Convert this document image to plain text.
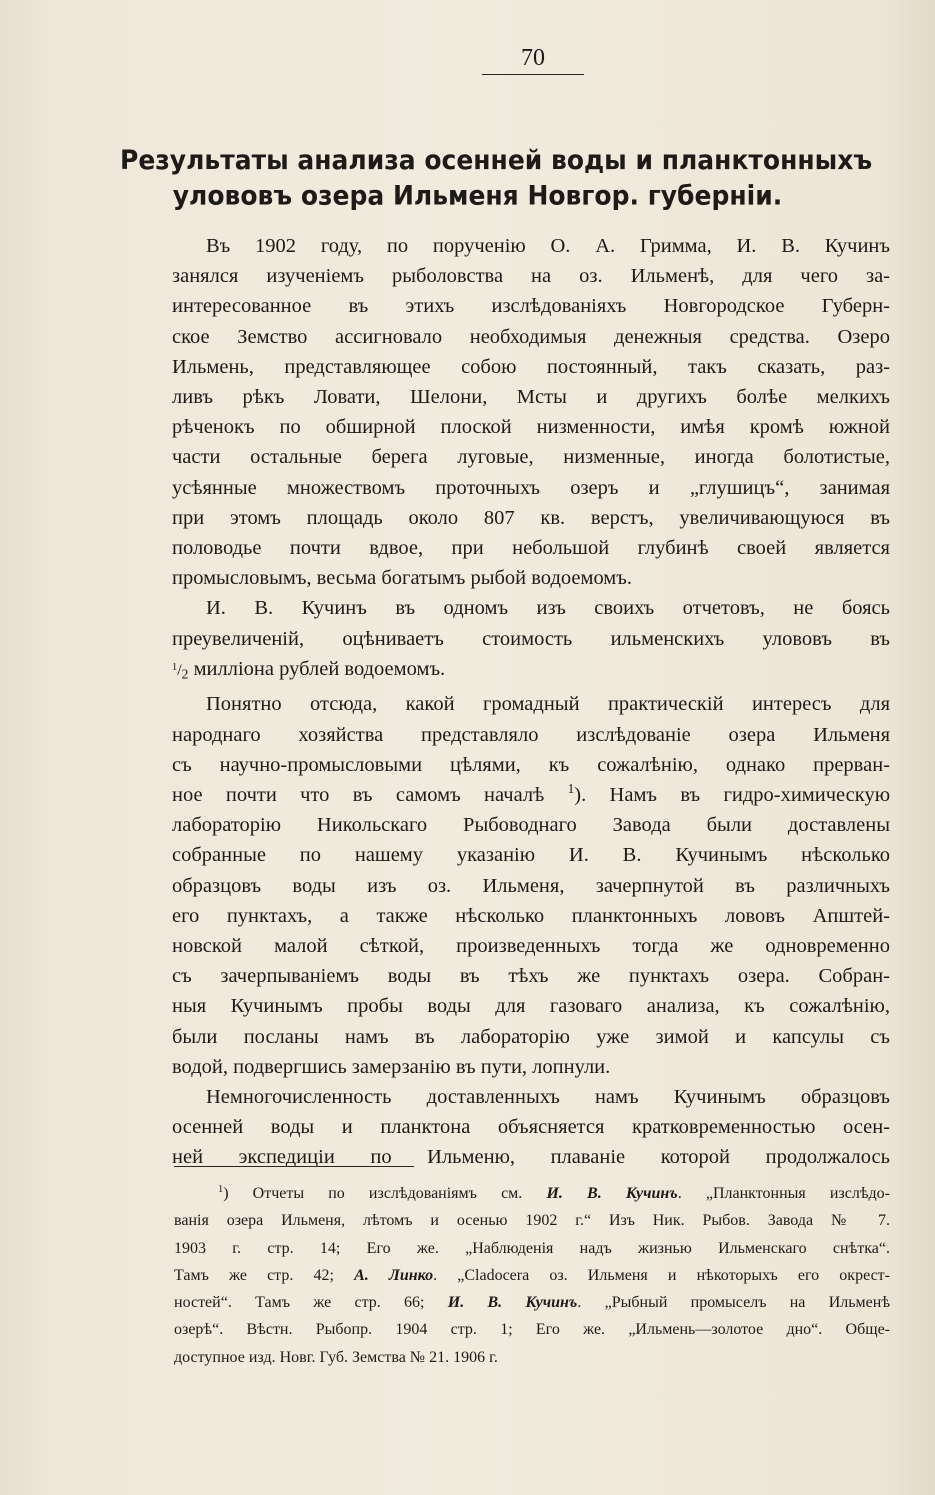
70
Результаты анализа осенней воды и планктонныхъ
улововъ озера Ильменя Новгор. губерніи.
Въ 1902 году, по порученію О. А. Гримма, И. В. Кучинъ
занялся изученіемъ рыболовства на оз. Ильменѣ, для чего за-
интересованное въ этихъ изслѣдованіяхъ Новгородское Губерн-
ское Земство ассигновало необходимыя денежныя средства. Озеро
Ильмень, представляющее собою постоянный, такъ сказать, раз-
ливъ рѣкъ Ловати, Шелони, Мсты и другихъ болѣе мелкихъ
рѣченокъ по обширной плоской низменности, имѣя кромѣ южной
части остальные берега луговые, низменные, иногда болотистые,
усѣянные множествомъ проточныхъ озеръ и „глушицъ“, занимая
при этомъ площадь около 807 кв. верстъ, увеличивающуюся въ
половодье почти вдвое, при небольшой глубинѣ своей является
промысловымъ, весьма богатымъ рыбой водоемомъ.
И. В. Кучинъ въ одномъ изъ своихъ отчетовъ, не боясь
преувеличеній, оцѣниваетъ стоимость ильменскихъ улововъ въ
$^1/_2$ миллiона рублей водоемомъ.
Понятно отсюда, какой громадный практическій интересъ для
народнаго хозяйства представляло изслѣдованіе озера Ильменя
съ научно-промысловыми цѣлями, къ сожалѣнію, однако прерван-
ное почти что въ самомъ началѣ $^1$). Намъ въ гидро-химическую
лабораторію Никольскаго Рыбоводнаго Завода были доставлены
собранные по нашему указанію И. В. Кучинымъ нѣсколько
образцовъ воды изъ оз. Ильменя, зачерпнутой въ различныхъ
его пунктахъ, а также нѣсколько планктонныхъ лововъ Апштей-
новской малой сѣткой, произведенныхъ тогда же одновременно
съ зачерпываніемъ воды въ тѣхъ же пунктахъ озера. Собран-
ныя Кучинымъ пробы воды для газоваго анализа, къ сожалѣнію,
были посланы намъ въ лабораторію уже зимой и капсулы съ
водой, подвергшись замерзанію въ пути, лопнули.
Немногочисленность доставленныхъ намъ Кучинымъ образцовъ
осенней воды и планктона объясняется кратковременностью осен-
ней экспедиціи по Ильменю, плаваніе которой продолжалось
$^1$) Отчеты по изслѣдованіямъ см. И. В. Кучинъ. „Планктонныя изслѣдо-
ванія озера Ильменя, лѣтомъ и осенью 1902 г.“ Изъ Ник. Рыбов. Завода № 7.
1903 г. стр. 14; Его же. „Наблюденія надъ жизнью Ильменскаго снѣтка“.
Тамъ же стр. 42; А. Линко. „Cladocera оз. Ильменя и нѣкоторыхъ его окрест-
ностей“. Тамъ же стр. 66; И. В. Кучинъ. „Рыбный промыселъ на Ильменѣ
озерѣ“. Вѣстн. Рыбопр. 1904 стр. 1; Его же. „Ильмень—золотое дно“. Обще-
доступное изд. Новг. Губ. Земства № 21. 1906 г.
